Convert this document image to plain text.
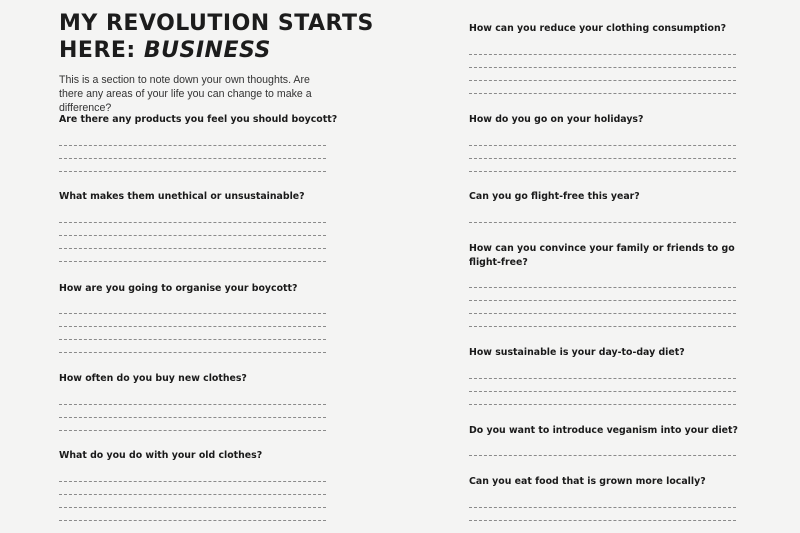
MY REVOLUTION STARTS
HERE: BUSINESS

This is a section to note down your own thoughts. Are there any areas of your life you can change to make a difference?

Are there any products you feel you should boycott?

What makes them unethical or unsustainable?

How are you going to organise your boycott?

How often do you buy new clothes?

What do you do with your old clothes?

How can you reduce your clothing consumption?

How do you go on your holidays?

Can you go flight-free this year?

How can you convince your family or friends to go flight-free?

How sustainable is your day-to-day diet?

Do you want to introduce veganism into your diet?

Can you eat food that is grown more locally?
